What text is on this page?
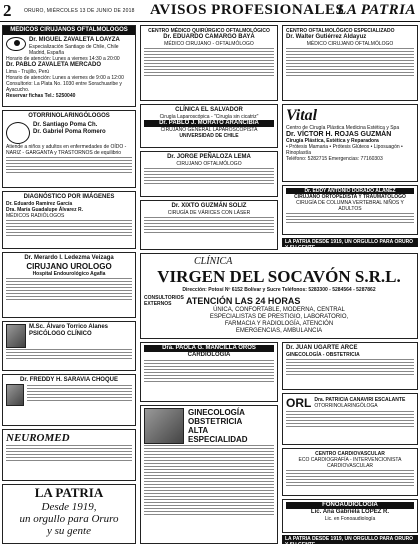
2	ORURO, MIÉRCOLES 13 DE JUNIO DE 2018 AVISOS PROFESIONALES
LA PATRIA
MÉDICOS CIRUJANOS OFTALMÓLOGOS
Dr. MIGUEL ZAVALETA LOAYZA
Especialización Santiago de Chile, Chile Madrid, España
Horario de atención: Lunes a viernes 14:30 a 20:00
Dr. PABLO ZAVALETA MERCADO
Lima - Trujillo, Perú
Horario de atención: Lunes a viernes de 9:00 a 12:00
Consultorio: La Plata No. 1030 entre Sorachuaribe y Ayacucho.
Reservar fichas Tel.: 5250040
OTORRINOLARINGÓLOGOS
Dr. Santiago Poma Ch.
Dr. Gabriel Poma Romero
Atiende a niños y adultos en enfermedades de OÍDO - NARIZ - GARGANTA y TRASTORNOS de equilibrio
DIAGNÓSTICO POR IMÁGENES
Dr. Eduardo Ramírez García
Dra. María Guadalupe Álvarez R.
MÉDICOS RADIÓLOGOS
Dr. Merardo I. Ledezma Veizaga
CIRUJANO UROLOGO
Hospital Endourológico Agafia
M.Sc. Álvaro Torrico Alanes
PSICÓLOGO CLÍNICO
Dr. FREDDY H. SARAVIA CHOQUE
NEUROMED
LA PATRIA
Desde 1919,
un orgullo para Oruro
y su gente
CENTRO MÉDICO QUIRÚRGICO OFTALMOLÓGICO
Dr. EDUARDO CAMARGO BAYÁ
MÉDICO CIRUJANO - OFTALMÓLOGO
CLÍNICA EL SALVADOR
Cirugía Laparoscópica - "Cirugía sin cicatriz"
Dr. PABLO J. MORATO ARANCIBIA
CIRUJANO GENERAL LAPAROSCOPISTA
UNIVERSIDAD DE CHILE
Dr. JORGE PEÑALOZA LEMA
CIRUJANO OFTALMÓLOGO
Dr. XIXTO GUZMÁN SOLIZ
CIRUGÍA DE VÁRICES CON LÁSER
CENTRO OFTALMOLÓGICO ESPECIALIZADO
Dr. Walter Gutiérrez Aldayuz
MÉDICO CIRUJANO OFTALMÓLOGO
Vital
Centro de Cirugía Plástica Medicina Estética y Spa
Dr. VÍCTOR H. ROJAS GUZMÁN
Cirugía Plástica, Estética y Reparadora
• Prótesis Mamaria • Prótesis Glúteos • Liposuagón • Rinoplastía
Teléfono: 5282715 Emergencias: 77160303
Dr. EDDY ANTONIO DORADO ALANEZ
CIRUJANO ORTOPEDISTA Y TRAUMATÓLOGO
CIRUGÍA DE COLUMNA VERTEBRAL NIÑOS Y ADULTOS
LA PATRIA DESDE 1919, UN ORGULLO PARA ORURO Y SU GENTE
CLÍNICA
VIRGEN DEL SOCAVÓN S.R.L.
Dirección: Potosí Nº 6152 Bolívar y Sucre Teléfonos: 5283300 - 5284564 - 5287862
CONSULTORIOS EXTERNOS	ATENCIÓN LAS 24 HORAS
ÚNICA, CONFORTABLE, MODERNA, CENTRAL
ESPECIALISTAS DE PRESTIGIO, LABORATORIO,
FARMACIA Y RADIOLOGÍA, ATENCIÓN
EMERGENCIAS, AMBULANCIA
Dra. PAOLA G. MANCILLA OROS
CARDIOLOGÍA
GINECOLOGÍA OBSTETRICIA ALTA ESPECIALIDAD
Dr. JUAN UGARTE ARCE
GINECOLOGÍA - OBSTETRICIA
ORL Dra. PATRICIA CANAVIRI ESCALANTE
OTORRINOLARINGÓLOGA
CENTRO CARDIOVASCULAR
ECO CARDIOGRAFÍA - INTERVENCIONISTA CARDIOVASCULAR
FONOAUDIOLOGÍA
Lic. Ana Gabriela LÓPEZ R.
Lic. en Fonoaudiología
LA PATRIA DESDE 1919, UN ORGULLO PARA ORURO Y SU GENTE
